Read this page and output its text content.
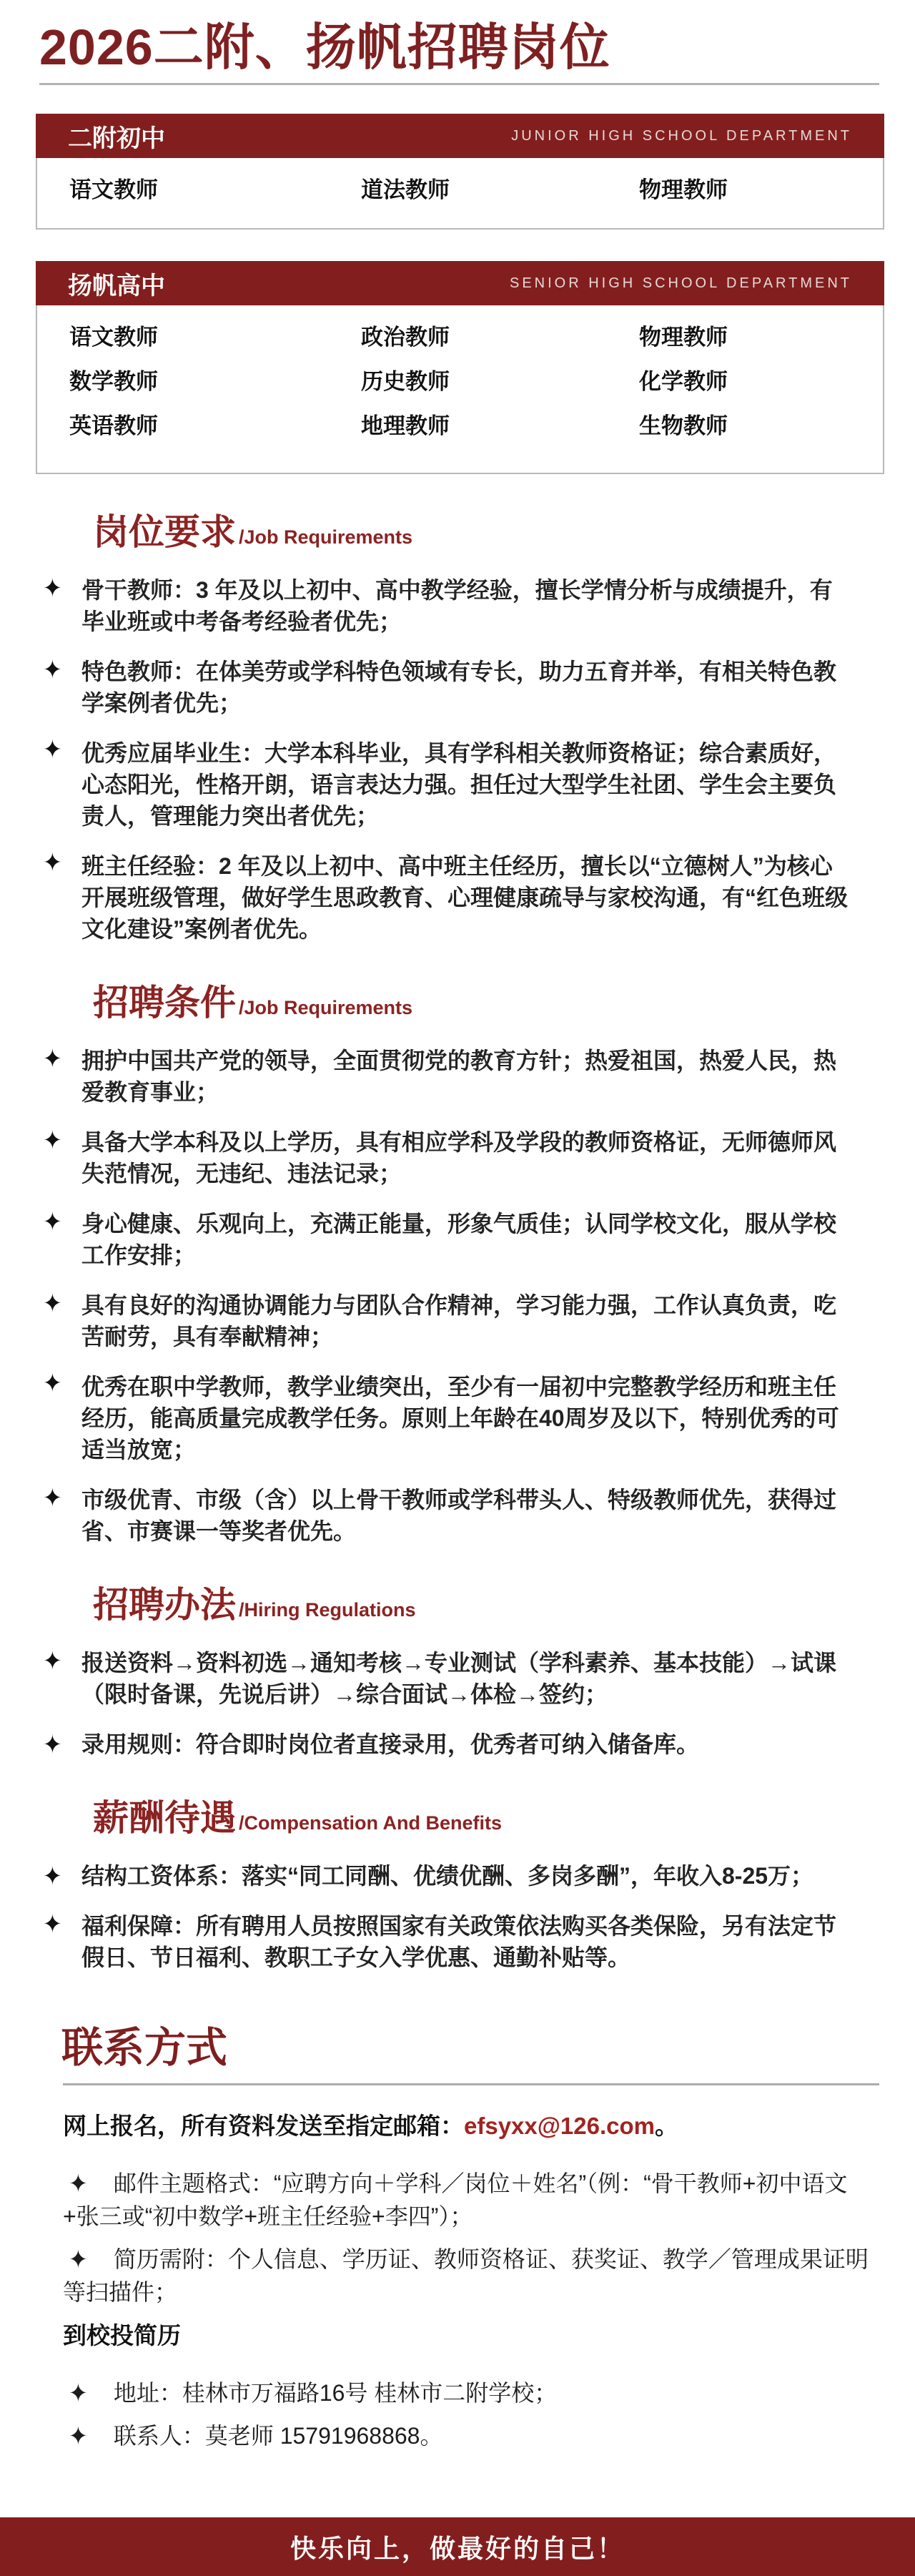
2026二附、扬帆招聘岗位
二附初中	JUNIOR HIGH SCHOOL DEPARTMENT
语文教师	道法教师	物理教师
扬帆高中	SENIOR HIGH SCHOOL DEPARTMENT
语文教师	政治教师	物理教师
数学教师	历史教师	化学教师
英语教师	地理教师	生物教师
岗位要求 /Job Requirements
✦ 骨干教师：3 年及以上初中、高中教学经验，擅长学情分析与成绩提升，有毕业班或中考备考经验者优先；
✦ 特色教师：在体美劳或学科特色领域有专长，助力五育并举，有相关特色教学案例者优先；
✦ 优秀应届毕业生：大学本科毕业，具有学科相关教师资格证；综合素质好，心态阳光，性格开朗，语言表达力强。担任过大型学生社团、学生会主要负责人，管理能力突出者优先；
✦ 班主任经验：2 年及以上初中、高中班主任经历，擅长以“立德树人”为核心开展班级管理，做好学生思政教育、心理健康疏导与家校沟通，有“红色班级文化建设”案例者优先。
招聘条件 /Job Requirements
✦ 拥护中国共产党的领导，全面贯彻党的教育方针；热爱祖国，热爱人民，热爱教育事业；
✦ 具备大学本科及以上学历，具有相应学科及学段的教师资格证，无师德师风失范情况，无违纪、违法记录；
✦ 身心健康、乐观向上，充满正能量，形象气质佳；认同学校文化，服从学校工作安排；
✦ 具有良好的沟通协调能力与团队合作精神，学习能力强，工作认真负责，吃苦耐劳，具有奉献精神；
✦ 优秀在职中学教师，教学业绩突出，至少有一届初中完整教学经历和班主任经历，能高质量完成教学任务。原则上年龄在40周岁及以下，特别优秀的可适当放宽；
✦ 市级优青、市级（含）以上骨干教师或学科带头人、特级教师优先，获得过省、市赛课一等奖者优先。
招聘办法 /Hiring Regulations
✦ 报送资料→资料初选→通知考核→专业测试（学科素养、基本技能）→试课（限时备课，先说后讲）→综合面试→体检→签约；
✦ 录用规则：符合即时岗位者直接录用，优秀者可纳入储备库。
薪酬待遇 /Compensation And Benefits
✦ 结构工资体系：落实“同工同酬、优绩优酬、多岗多酬”，年收入8-25万；
✦ 福利保障：所有聘用人员按照国家有关政策依法购买各类保险，另有法定节假日、节日福利、教职工子女入学优惠、通勤补贴等。
联系方式

网上报名，所有资料发送至指定邮箱：efsyxx@126.com。

✦ 邮件主题格式：“应聘方向＋学科／岗位＋姓名”（例：“骨干教师+初中语文+张三或“初中数学+班主任经验+李四”）；

✦ 简历需附：个人信息、学历证、教师资格证、获奖证、教学／管理成果证明等扫描件；

到校投简历

✦ 地址：桂林市万福路16号 桂林市二附学校；

✦ 联系人：莫老师 15791968868。

快乐向上，做最好的自己！
